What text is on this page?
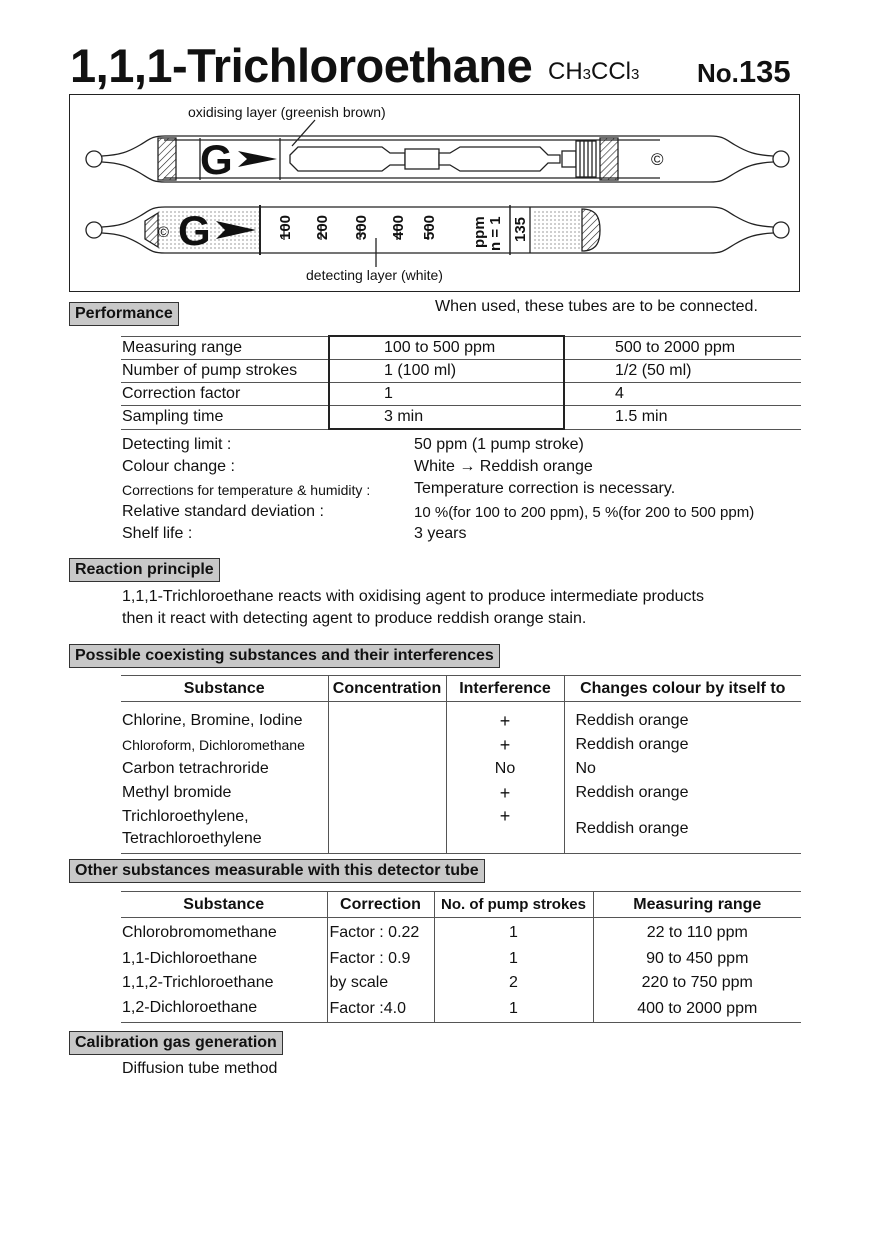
1,1,1-Trichloroethane CH3CCl3 No.135
G	©
oxidising layer (greenish brown)
G
©	100 200 300 400 500 ppm n = 1 135
detecting layer (white)
Performance	When used, these tubes are to be connected.
Measuring range	100 to 500 ppm	500 to 2000 ppm
Number of pump strokes	1 (100 ml)	1/2 (50 ml)
Correction factor	1	4
Sampling time	3 min	1.5 min
Detecting limit :	50 ppm (1 pump stroke)
Colour change :	White → Reddish orange
Corrections for temperature & humidity :	Temperature correction is necessary.
Relative standard deviation :	10 %(for 100 to 200 ppm), 5 %(for 200 to 500 ppm)
Shelf life :	3 years
Reaction principle
1,1,1-Trichloroethane reacts with oxidising agent to produce intermediate products
then it react with detecting agent to produce reddish orange stain.
Possible coexisting substances and their interferences
Substance	Concentration	Interference	Changes colour by itself to
Chlorine, Bromine, Iodine		+	Reddish orange
Chloroform, Dichloromethane		+	Reddish orange
Carbon tetrachroride		No	No
Methyl bromide		+	Reddish orange
Trichloroethylene,
Tetrachloroethylene		+	Reddish orange
Other substances measurable with this detector tube
Substance	Correction	No. of pump strokes	Measuring range
Chlorobromomethane	Factor : 0.22	1	22 to 110 ppm
1,1-Dichloroethane	Factor : 0.9	1	90 to 450 ppm
1,1,2-Trichloroethane	by scale	2	220 to 750 ppm
1,2-Dichloroethane	Factor :4.0	1	400 to 2000 ppm
Calibration gas generation
Diffusion tube method
